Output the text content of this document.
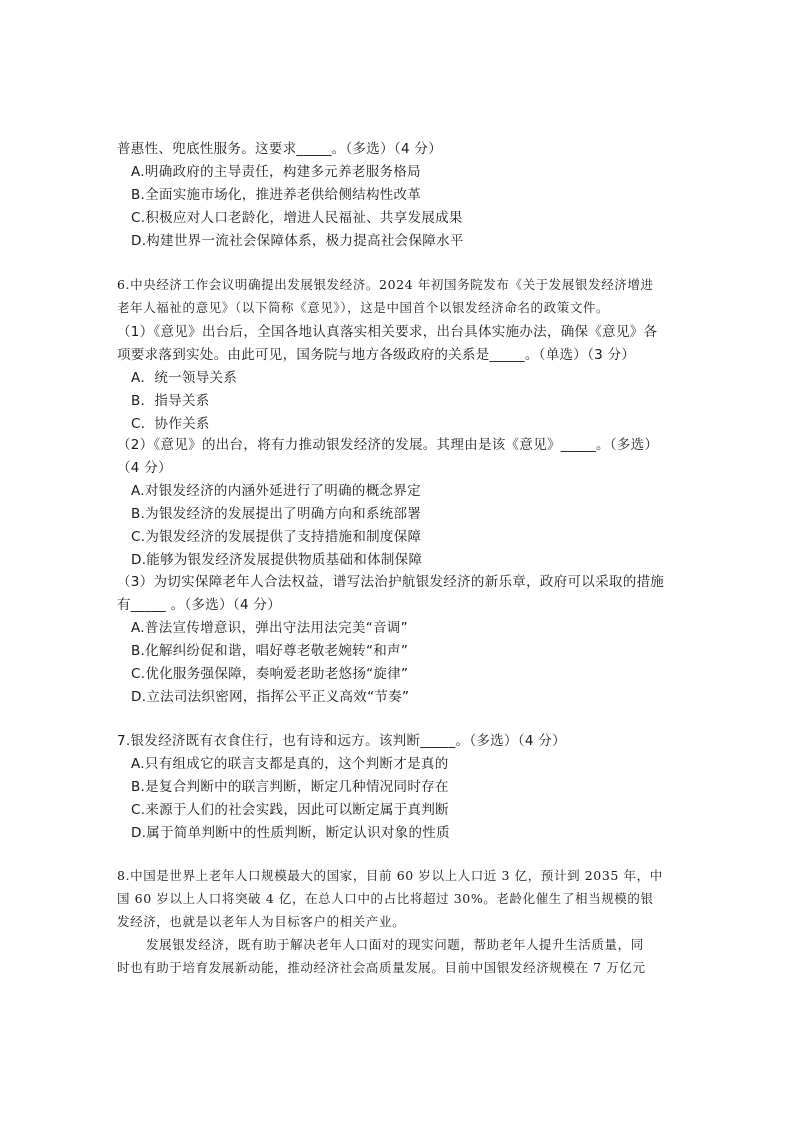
普惠性、兜底性服务。这要求_____。（多选）（4 分）
A.明确政府的主导责任，构建多元养老服务格局
B.全面实施市场化，推进养老供给侧结构性改革
C.积极应对人口老龄化，增进人民福祉、共享发展成果
D.构建世界一流社会保障体系，极力提高社会保障水平
6.中央经济工作会议明确提出发展银发经济。2024 年初国务院发布《关于发展银发经济增进
老年人福祉的意见》（以下简称《意见》），这是中国首个以银发经济命名的政策文件。
（1）《意见》出台后，全国各地认真落实相关要求，出台具体实施办法，确保《意见》各
项要求落到实处。由此可见，国务院与地方各级政府的关系是_____。（单选）（3 分）
A．统一领导关系
B．指导关系
C．协作关系
（2）《意见》的出台，将有力推动银发经济的发展。其理由是该《意见》_____。（多选）
（4 分）
A.对银发经济的内涵外延进行了明确的概念界定
B.为银发经济的发展提出了明确方向和系统部署
C.为银发经济的发展提供了支持措施和制度保障
D.能够为银发经济发展提供物质基础和体制保障
（3）为切实保障老年人合法权益，谱写法治护航银发经济的新乐章，政府可以采取的措施
有_____ 。（多选）（4 分）
A.普法宣传增意识，弹出守法用法完美“音调”
B.化解纠纷促和谐，唱好尊老敬老婉转“和声”
C.优化服务强保障，奏响爱老助老悠扬“旋律”
D.立法司法织密网，指挥公平正义高效“节奏”
7.银发经济既有衣食住行，也有诗和远方。该判断_____。（多选）（4 分）
A.只有组成它的联言支都是真的，这个判断才是真的
B.是复合判断中的联言判断，断定几种情况同时存在
C.来源于人们的社会实践，因此可以断定属于真判断
D.属于简单判断中的性质判断，断定认识对象的性质
8.中国是世界上老年人口规模最大的国家，目前 60 岁以上人口近 3 亿，预计到 2035 年，中
国 60 岁以上人口将突破 4 亿，在总人口中的占比将超过 30%。老龄化催生了相当规模的银
发经济，也就是以老年人为目标客户的相关产业。
发展银发经济，既有助于解决老年人口面对的现实问题，帮助老年人提升生活质量，同
时也有助于培育发展新动能，推动经济社会高质量发展。目前中国银发经济规模在 7 万亿元
